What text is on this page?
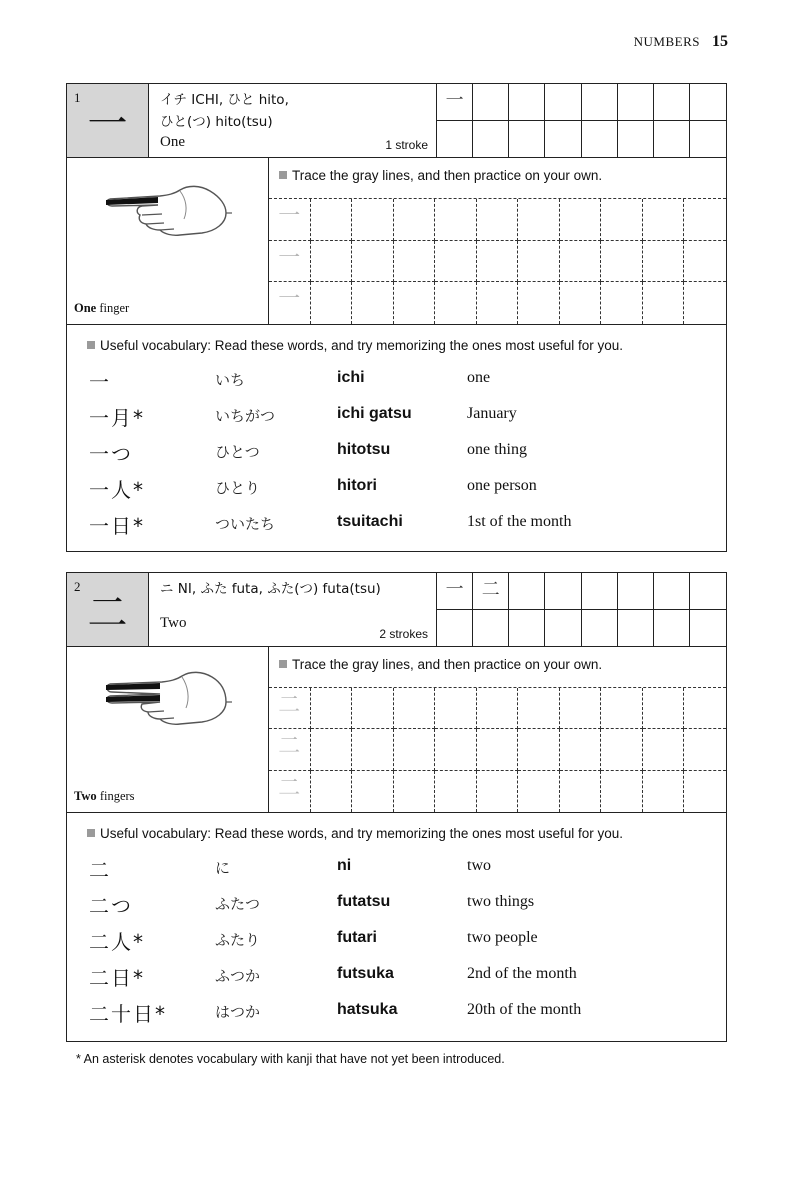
NUMBERS 15
1
一
イチ ICHI, ひと hito,
ひと(つ) hito(tsu)
One	1 stroke
一
One finger
Trace the gray lines, and then practice on your own.
一
一
一
Useful vocabulary: Read these words, and try memorizing the ones most useful for you.
一	いち	ichi	one
一月*	いちがつ	ichi gatsu	January
一つ	ひとつ	hitotsu	one thing
一人*	ひとり	hitori	one person
一日*	ついたち	tsuitachi	1st of the month
2
二
ニ NI, ふた futa, ふた(つ) futa(tsu)
Two
2 strokes
一	二
Two fingers
Trace the gray lines, and then practice on your own.
二
二
二
Useful vocabulary: Read these words, and try memorizing the ones most useful for you.
二	に	ni	two
二つ	ふたつ	futatsu	two things
二人*	ふたり	futari	two people
二日*	ふつか	futsuka	2nd of the month
二十日*	はつか	hatsuka	20th of the month
* An asterisk denotes vocabulary with kanji that have not yet been introduced.
